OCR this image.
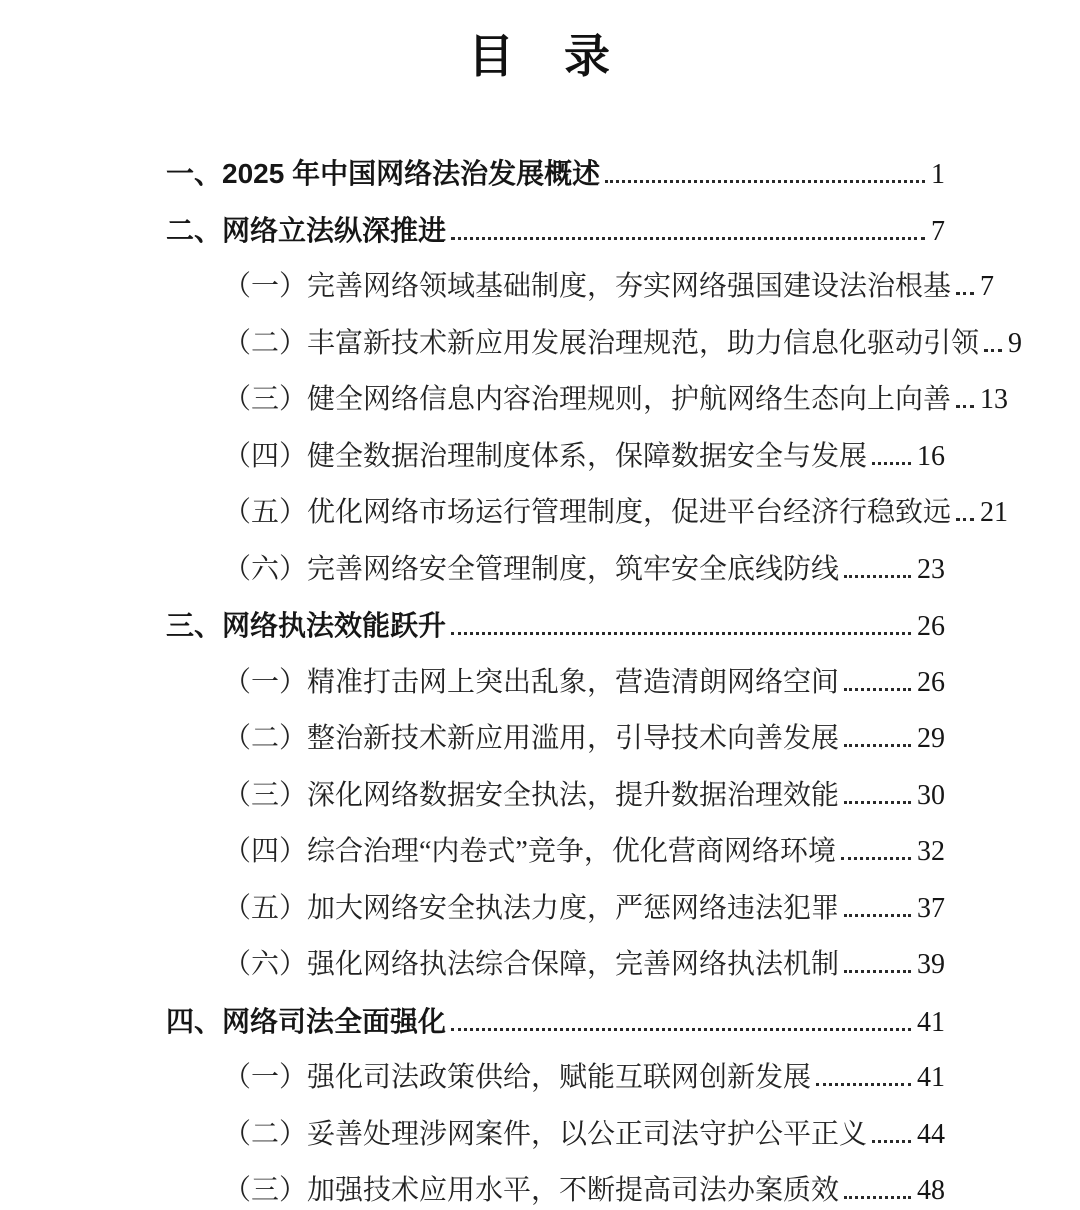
目　录
一、2025 年中国网络法治发展概述	1
二、网络立法纵深推进	7
（一）完善网络领域基础制度，夯实网络强国建设法治根基 7
（二）丰富新技术新应用发展治理规范，助力信息化驱动引领 9
（三）健全网络信息内容治理规则，护航网络生态向上向善 13
（四）健全数据治理制度体系，保障数据安全与发展 16
（五）优化网络市场运行管理制度，促进平台经济行稳致远 21
（六）完善网络安全管理制度，筑牢安全底线防线	23
三、网络执法效能跃升	26
（一）精准打击网上突出乱象，营造清朗网络空间	26
（二）整治新技术新应用滥用，引导技术向善发展	29
（三）深化网络数据安全执法，提升数据治理效能	30
（四）综合治理“内卷式”竞争，优化营商网络环境	32
（五）加大网络安全执法力度，严惩网络违法犯罪	37
（六）强化网络执法综合保障，完善网络执法机制	39
四、网络司法全面强化	41
（一）强化司法政策供给，赋能互联网创新发展	41
（二）妥善处理涉网案件，以公正司法守护公平正义 44
（三）加强技术应用水平，不断提高司法办案质效	48
